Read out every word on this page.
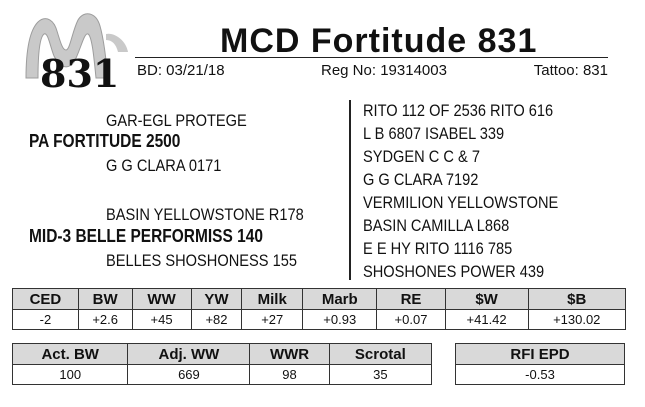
831
MCD Fortitude 831
BD: 03/21/18	Reg No: 19314003	Tattoo: 831
GAR-EGL PROTEGE
PA FORTITUDE 2500
G G CLARA 0171
BASIN YELLOWSTONE R178
MID-3 BELLE PERFORMISS 140
BELLES SHOSHONESS 155
RITO 112 OF 2536 RITO 616
L B 6807 ISABEL 339
SYDGEN C C & 7
G G CLARA 7192
VERMILION YELLOWSTONE
BASIN CAMILLA L868
E E HY RITO 1116 785
SHOSHONES POWER 439
CED	BW	WW	YW	Milk	Marb	RE	$W	$B
-2	+2.6	+45	+82	+27	+0.93	+0.07	+41.42	+130.02
Act. BW	Adj. WW	WWR	Scrotal
100	669	98	35
RFI EPD
-0.53
